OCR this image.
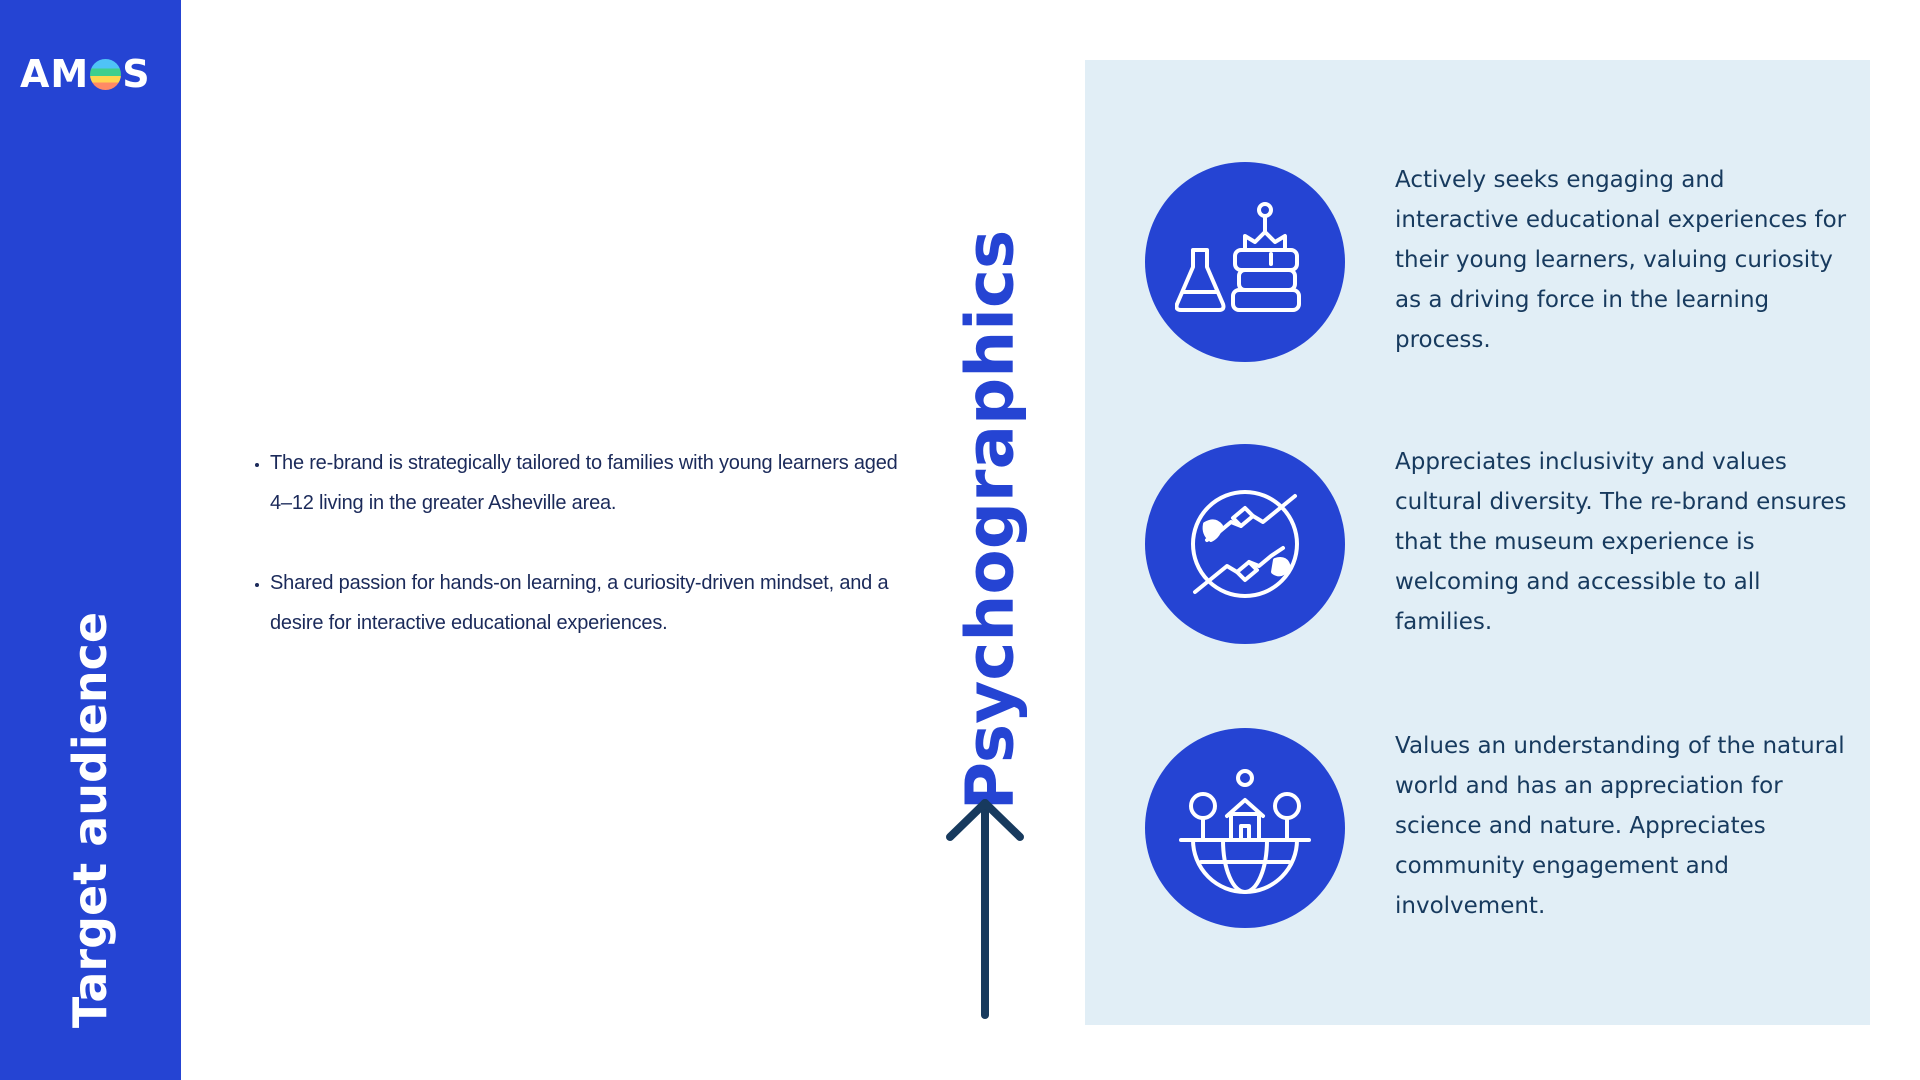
AM S
Target audience
• The re-brand is strategically tailored to families with young learners aged 4–12 living in the greater Asheville area.
• Shared passion for hands-on learning, a curiosity-driven mindset, and a desire for interactive educational experiences.	Psychographics

Actively seeks engaging and interactive educational experiences for their young learners, valuing curiosity as a driving force in the learning process.

Appreciates inclusivity and values cultural diversity. The re-brand ensures that the museum experience is welcoming and accessible to all families.

Values an understanding of the natural world and has an appreciation for science and nature. Appreciates community engagement and involvement.
